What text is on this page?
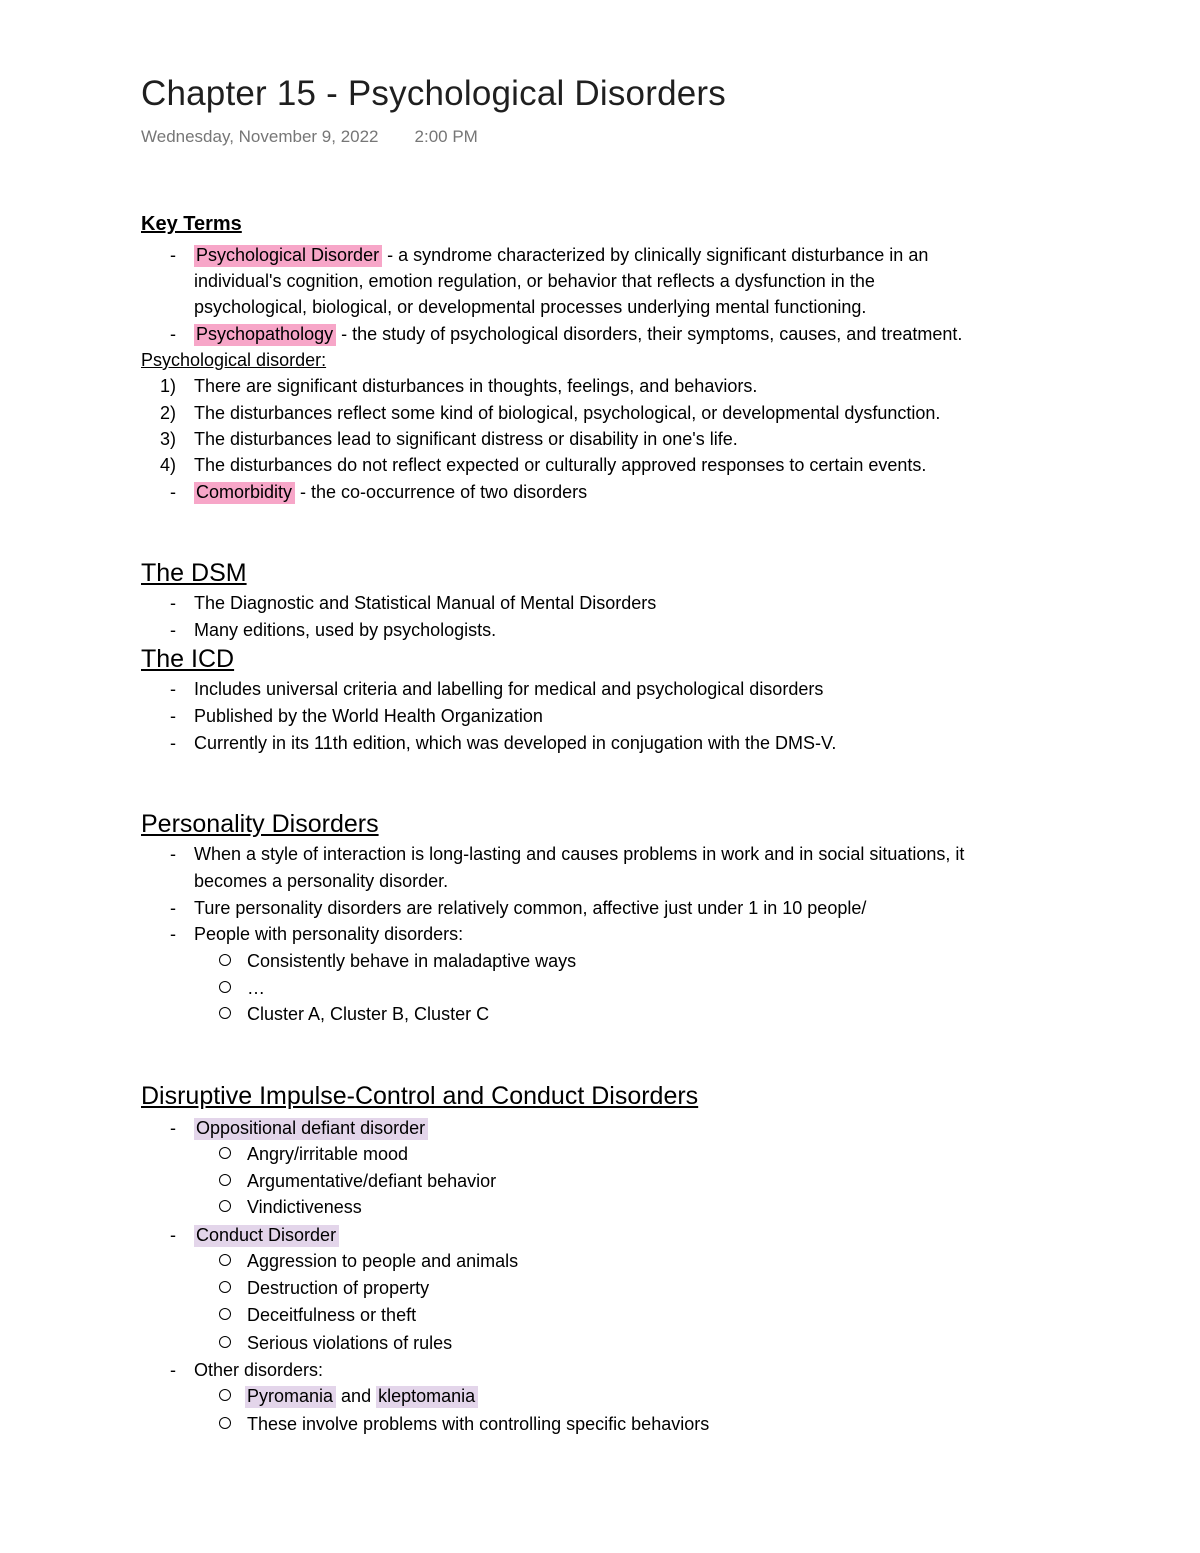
Chapter 15 - Psychological Disorders
Wednesday, November 9, 2022 2:00 PM
Key Terms
- Psychological Disorder - a syndrome characterized by clinically significant disturbance in an
individual's cognition, emotion regulation, or behavior that reflects a dysfunction in the
psychological, biological, or developmental processes underlying mental functioning.
- Psychopathology - the study of psychological disorders, their symptoms, causes, and treatment.
Psychological disorder:
1) There are significant disturbances in thoughts, feelings, and behaviors.
2) The disturbances reflect some kind of biological, psychological, or developmental dysfunction.
3) The disturbances lead to significant distress or disability in one's life.
4) The disturbances do not reflect expected or culturally approved responses to certain events.
- Comorbidity - the co-occurrence of two disorders
The DSM
- The Diagnostic and Statistical Manual of Mental Disorders
- Many editions, used by psychologists.
The ICD
- Includes universal criteria and labelling for medical and psychological disorders
- Published by the World Health Organization
- Currently in its 11th edition, which was developed in conjugation with the DMS-V.
Personality Disorders
- When a style of interaction is long-lasting and causes problems in work and in social situations, it
becomes a personality disorder.
- Ture personality disorders are relatively common, affective just under 1 in 10 people/
- People with personality disorders:
Consistently behave in maladaptive ways
…
Cluster A, Cluster B, Cluster C
Disruptive Impulse-Control and Conduct Disorders
- Oppositional defiant disorder
Angry/irritable mood
Argumentative/defiant behavior
Vindictiveness
- Conduct Disorder
Aggression to people and animals
Destruction of property
Deceitfulness or theft
Serious violations of rules
- Other disorders:
Pyromania and kleptomania
These involve problems with controlling specific behaviors
